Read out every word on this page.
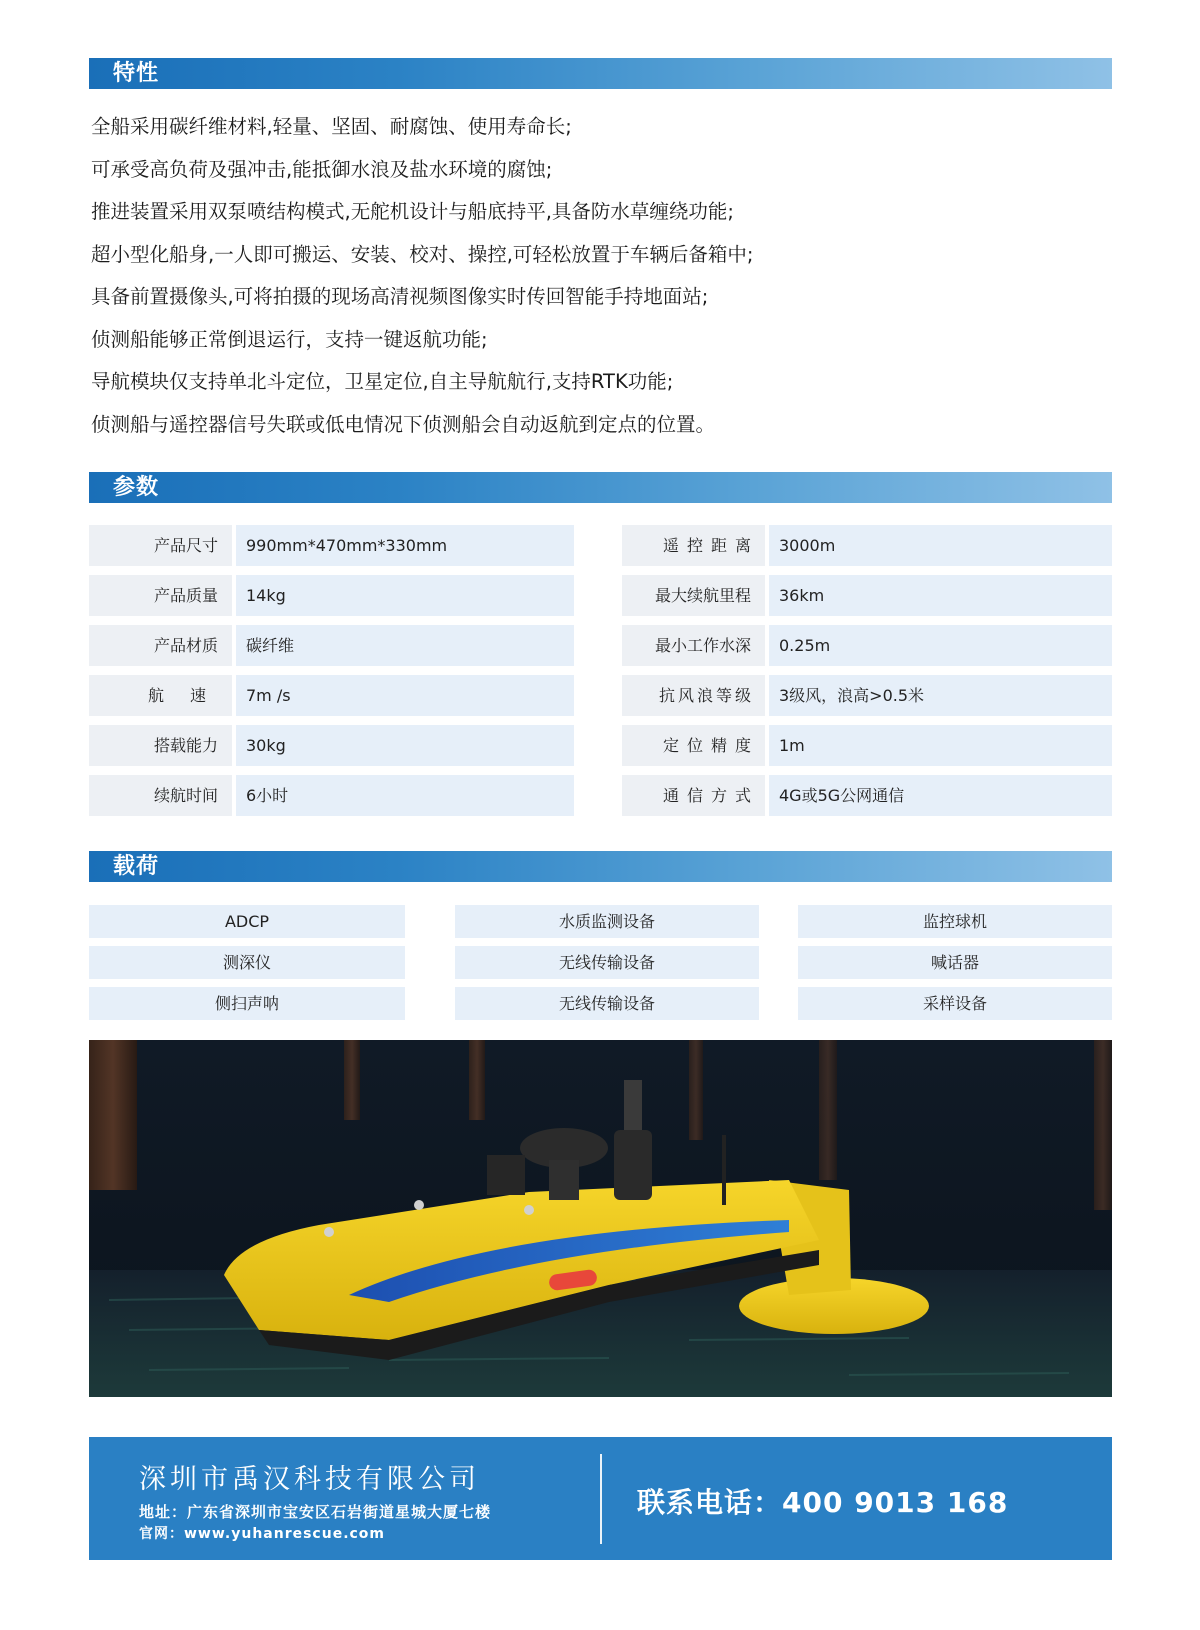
特性
全船采用碳纤维材料,轻量、坚固、耐腐蚀、使用寿命长;
可承受高负荷及强冲击,能抵御水浪及盐水环境的腐蚀;
推进装置采用双泵喷结构模式,无舵机设计与船底持平,具备防水草缠绕功能;
超小型化船身,一人即可搬运、安装、校对、操控,可轻松放置于车辆后备箱中;
具备前置摄像头,可将拍摄的现场高清视频图像实时传回智能手持地面站;
侦测船能够正常倒退运行，支持一键返航功能;
导航模块仅支持单北斗定位，卫星定位,自主导航航行,支持RTK功能;
侦测船与遥控器信号失联或低电情况下侦测船会自动返航到定点的位置。
参数
产品尺寸	990mm*470mm*330mm
产品质量	14kg
产品材质	碳纤维
航速 7m /s
搭载能力	30kg
续航时间	6小时
遥控距离	3000m
最大续航里程	36km
最小工作水深	0.25m
抗风浪等级	3级风，浪高>0.5米
定位精度	1m
通信方式	4G或5G公网通信
载荷
ADCP	水质监测设备	监控球机
测深仪	无线传输设备	喊话器
侧扫声呐	无线传输设备	采样设备
深圳市禹汉科技有限公司
地址：广东省深圳市宝安区石岩街道星城大厦七楼
官网：www.yuhanrescue.com
联系电话：400 9013 168
